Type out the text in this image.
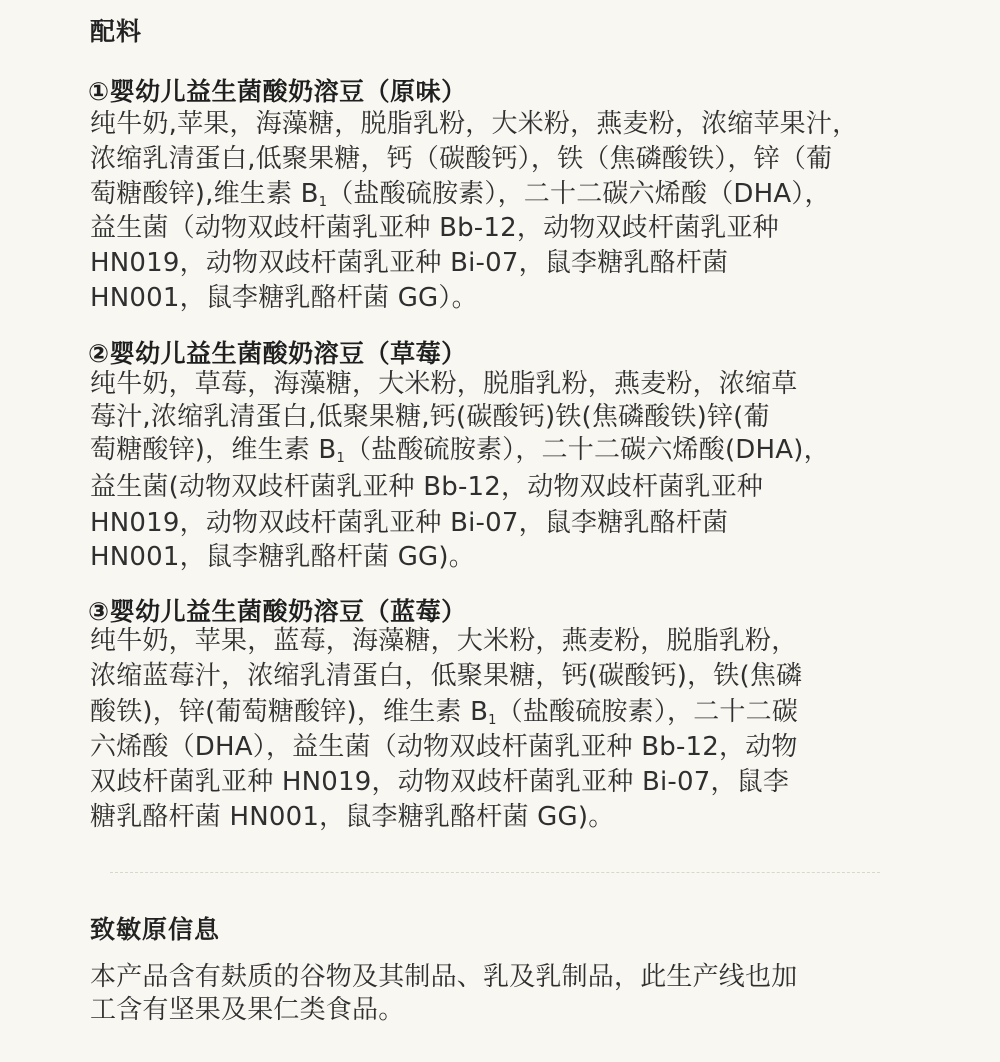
配料
①婴幼儿益生菌酸奶溶豆（原味）
纯牛奶,苹果，海藻糖，脱脂乳粉，大米粉，燕麦粉，浓缩苹果汁，
浓缩乳清蛋白,低聚果糖，钙（碳酸钙），铁（焦磷酸铁），锌（葡
萄糖酸锌),维生素 $B_1$（盐酸硫胺素），二十二碳六烯酸（DHA），
益生菌（动物双歧杆菌乳亚种 Bb-12，动物双歧杆菌乳亚种
HN019，动物双歧杆菌乳亚种 Bi-07，鼠李糖乳酪杆菌
HN001，鼠李糖乳酪杆菌 GG）。
②婴幼儿益生菌酸奶溶豆（草莓）
纯牛奶，草莓，海藻糖，大米粉，脱脂乳粉，燕麦粉，浓缩草
莓汁,浓缩乳清蛋白,低聚果糖,钙(碳酸钙)铁(焦磷酸铁)锌(葡
萄糖酸锌)，维生素 $B_1$（盐酸硫胺素），二十二碳六烯酸(DHA)，
益生菌(动物双歧杆菌乳亚种 Bb-12，动物双歧杆菌乳亚种
HN019，动物双歧杆菌乳亚种 Bi-07，鼠李糖乳酪杆菌
HN001，鼠李糖乳酪杆菌 GG)。
③婴幼儿益生菌酸奶溶豆（蓝莓）
纯牛奶，苹果，蓝莓，海藻糖，大米粉，燕麦粉，脱脂乳粉，
浓缩蓝莓汁，浓缩乳清蛋白，低聚果糖，钙(碳酸钙)，铁(焦磷
酸铁)，锌(葡萄糖酸锌)，维生素 $B_1$（盐酸硫胺素），二十二碳
六烯酸（DHA），益生菌（动物双歧杆菌乳亚种 Bb-12，动物
双歧杆菌乳亚种 HN019，动物双歧杆菌乳亚种 Bi-07，鼠李
糖乳酪杆菌 HN001，鼠李糖乳酪杆菌 GG)。
致敏原信息
本产品含有麸质的谷物及其制品、乳及乳制品，此生产线也加
工含有坚果及果仁类食品。
